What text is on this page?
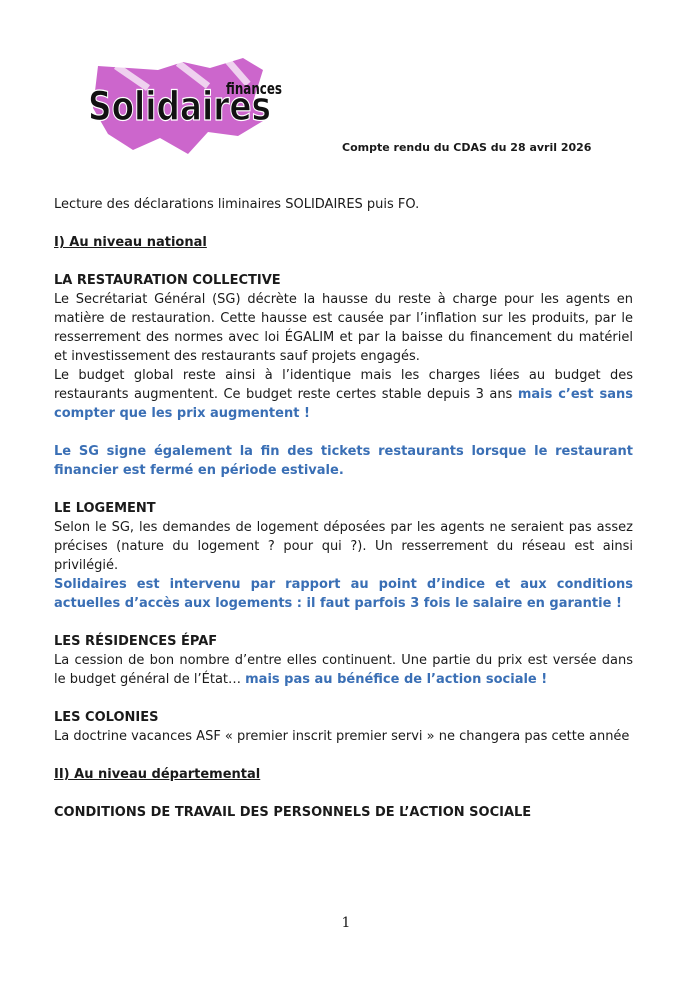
Solidaires
finances
Compte rendu du CDAS du 28 avril 2026

Lecture des déclarations liminaires SOLIDAIRES puis FO.

I) Au niveau national

LA RESTAURATION COLLECTIVE

Le Secrétariat Général (SG) décrète la hausse du reste à charge pour les agents en matière de restauration. Cette hausse est causée par l’inflation sur les produits, par le resserrement des normes avec loi ÉGALIM et par la baisse du financement du matériel et investissement des restaurants sauf projets engagés.

Le budget global reste ainsi à l’identique mais les charges liées au budget des restaurants augmentent. Ce budget reste certes stable depuis 3 ans mais c’est sans compter que les prix augmentent !

Le SG signe également la fin des tickets restaurants lorsque le restaurant financier est fermé en période estivale.

LE LOGEMENT

Selon le SG, les demandes de logement déposées par les agents ne seraient pas assez précises (nature du logement ? pour qui ?). Un resserrement du réseau est ainsi privilégié.

Solidaires est intervenu par rapport au point d’indice et aux conditions actuelles d’accès aux logements : il faut parfois 3 fois le salaire en garantie !

LES RÉSIDENCES ÉPAF

La cession de bon nombre d’entre elles continuent. Une partie du prix est versée dans le budget général de l’État… mais pas au bénéfice de l’action sociale !

LES COLONIES

La doctrine vacances ASF « premier inscrit premier servi » ne changera pas cette année

II) Au niveau départemental

CONDITIONS DE TRAVAIL DES PERSONNELS DE L’ACTION SOCIALE

1
